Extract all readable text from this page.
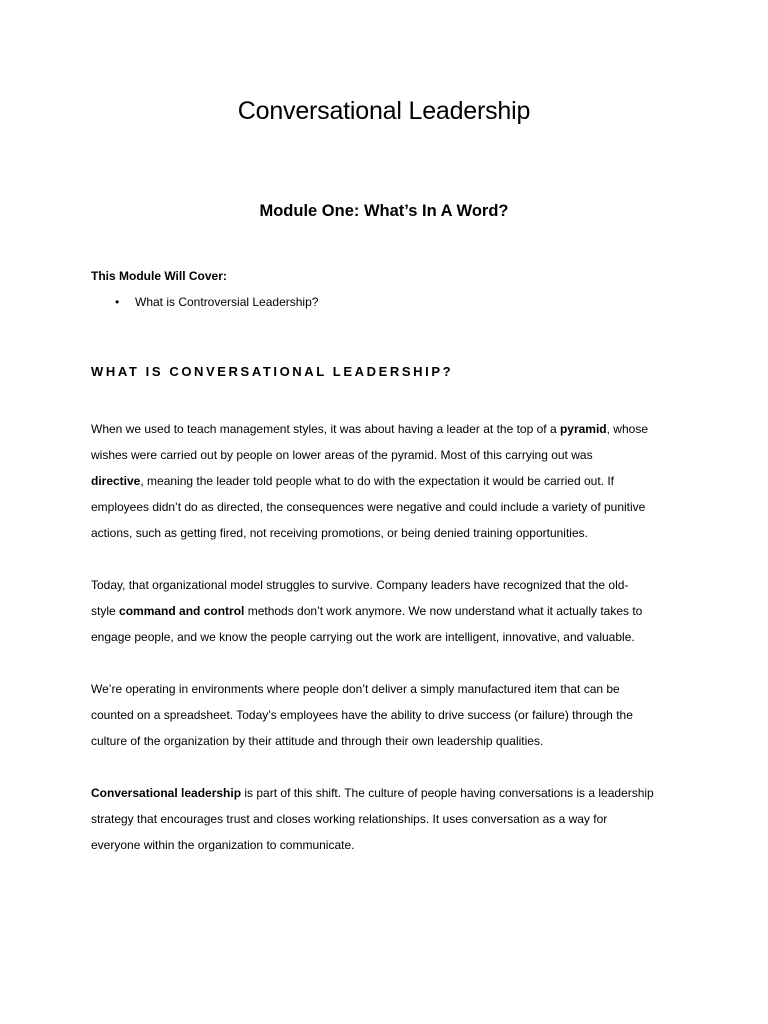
Conversational Leadership
Module One: What’s In A Word?

This Module Will Cover:

• What is Controversial Leadership?
WHAT IS CONVERSATIONAL LEADERSHIP?

When we used to teach management styles, it was about having a leader at the top of a pyramid, whose
wishes were carried out by people on lower areas of the pyramid. Most of this carrying out was
directive, meaning the leader told people what to do with the expectation it would be carried out. If
employees didn’t do as directed, the consequences were negative and could include a variety of punitive
actions, such as getting fired, not receiving promotions, or being denied training opportunities.

Today, that organizational model struggles to survive. Company leaders have recognized that the old-
style command and control methods don’t work anymore. We now understand what it actually takes to
engage people, and we know the people carrying out the work are intelligent, innovative, and valuable.

We’re operating in environments where people don’t deliver a simply manufactured item that can be
counted on a spreadsheet. Today’s employees have the ability to drive success (or failure) through the
culture of the organization by their attitude and through their own leadership qualities.

Conversational leadership is part of this shift. The culture of people having conversations is a leadership
strategy that encourages trust and closes working relationships. It uses conversation as a way for
everyone within the organization to communicate.
